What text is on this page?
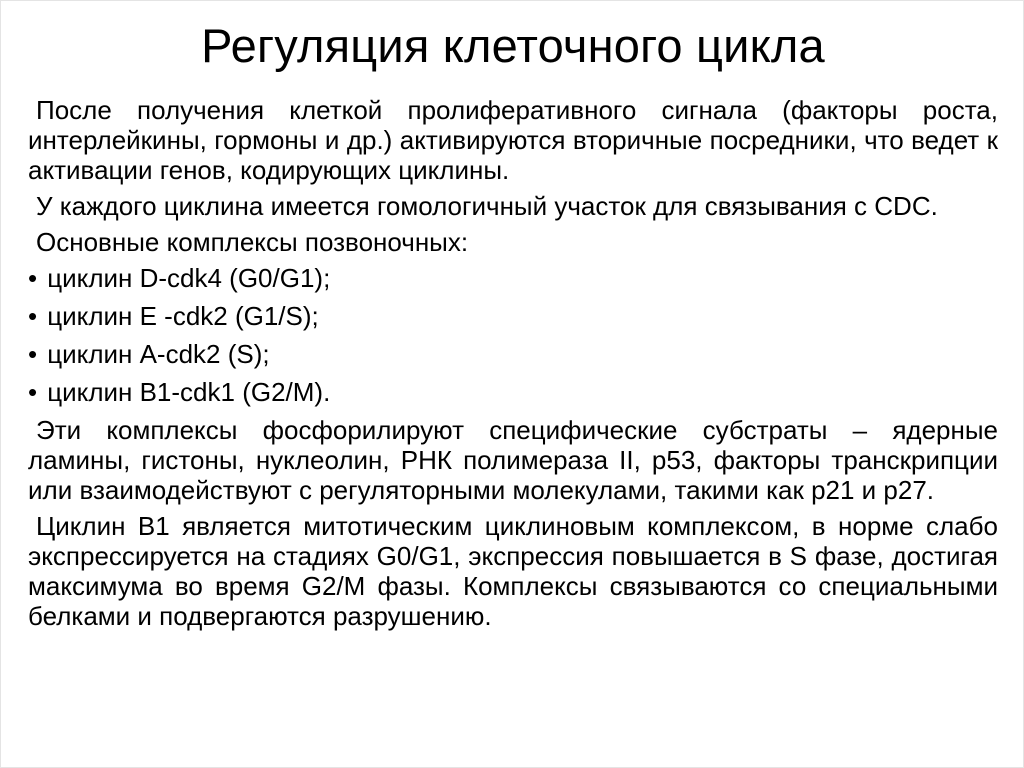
Регуляция клеточного цикла

После получения клеткой пролиферативного сигнала (факторы роста, интерлейкины, гормоны и др.) активируются вторичные посредники, что ведет к активации генов, кодирующих циклины.

У каждого циклина имеется гомологичный участок для связывания с CDC.

Основные комплексы позвоночных:

• циклин D-cdk4 (G0/G1);
• циклин E -cdk2 (G1/S);
• циклин A-cdk2 (S);
• циклин B1-cdk1 (G2/M).

Эти комплексы фосфорилируют специфические субстраты – ядерные ламины, гистоны, нуклеолин, РНК полимераза II, p53, факторы транскрипции или взаимодействуют с регуляторными молекулами, такими как p21 и p27.

Циклин B1 является митотическим циклиновым комплексом, в норме слабо экспрессируется на стадиях G0/G1, экспрессия повышается в S фазе, достигая максимума во время G2/M фазы. Комплексы связываются со специальными белками и подвергаются разрушению.
